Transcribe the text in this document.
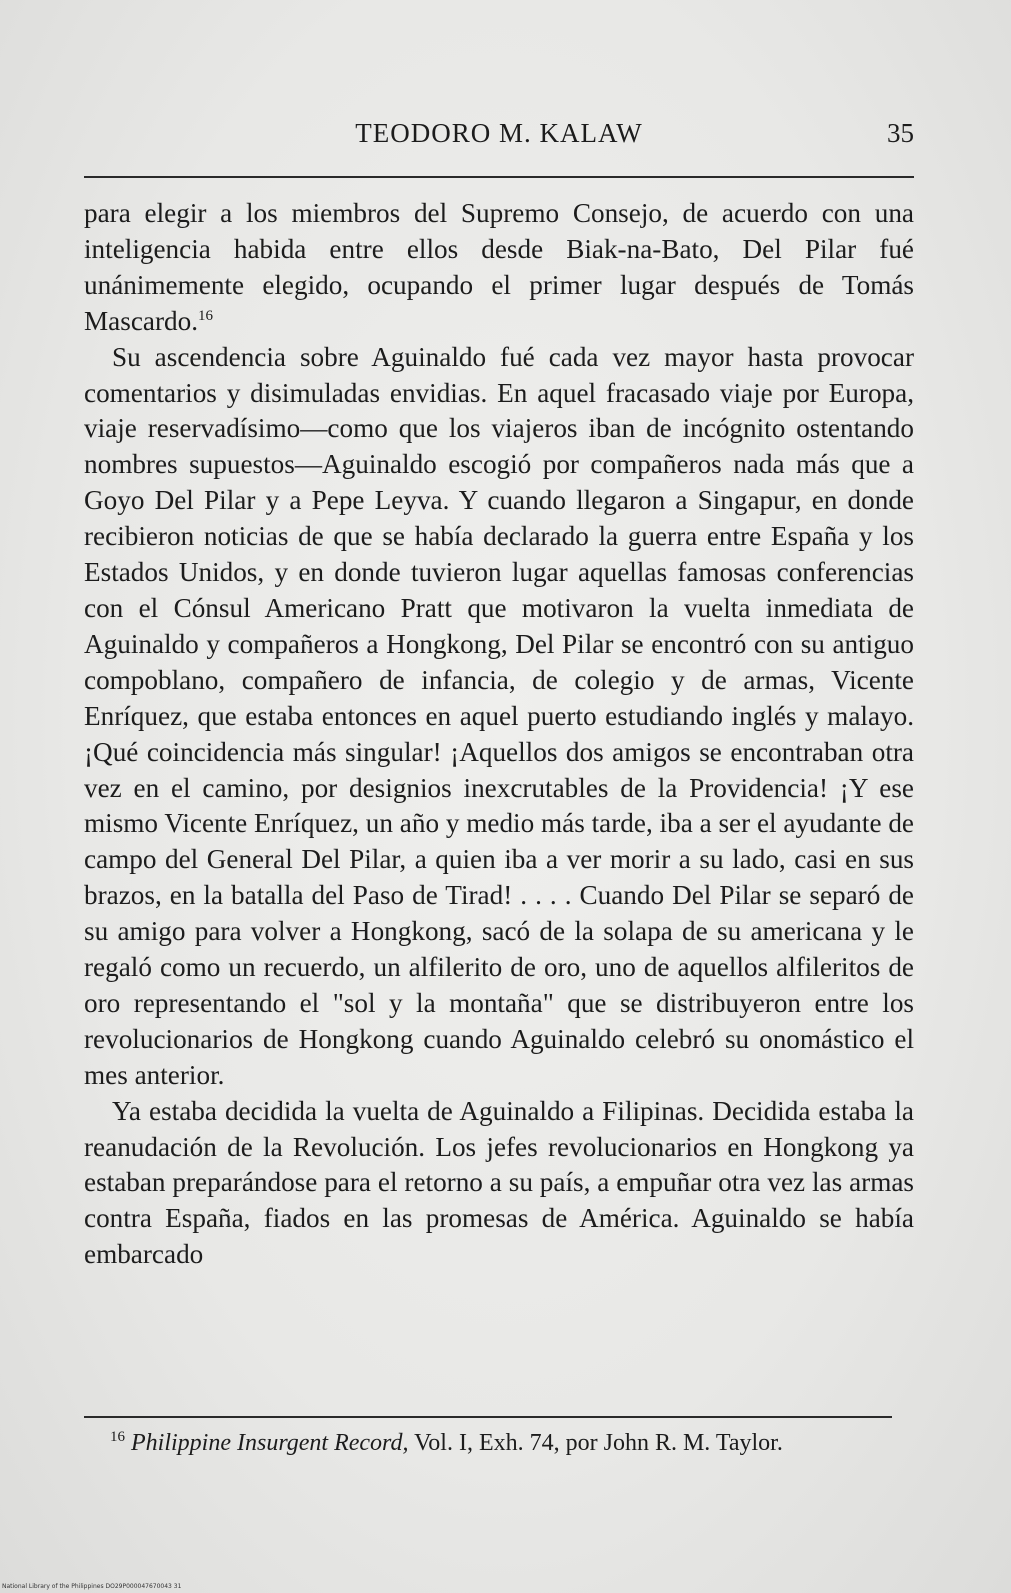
TEODORO M. KALAW	35

para elegir a los miembros del Supremo Consejo, de acuerdo con una inteligencia habida entre ellos desde Biak-na-Bato, Del Pilar fué unánimemente elegido, ocupando el primer lugar después de Tomás Mascardo.$^{16}$

Su ascendencia sobre Aguinaldo fué cada vez mayor hasta provocar comentarios y disimuladas envidias. En aquel fracasado viaje por Europa, viaje reservadísimo—como que los viajeros iban de incógnito ostentando nombres supuestos—Aguinaldo escogió por compañeros nada más que a Goyo Del Pilar y a Pepe Leyva. Y cuando llegaron a Singapur, en donde recibieron noticias de que se había declarado la guerra entre España y los Estados Unidos, y en donde tuvieron lugar aquellas famosas conferencias con el Cónsul Americano Pratt que motivaron la vuelta inmediata de Aguinaldo y compañeros a Hongkong, Del Pilar se encontró con su antiguo compoblano, compañero de infancia, de colegio y de armas, Vicente Enríquez, que estaba entonces en aquel puerto estudiando inglés y malayo. ¡Qué coincidencia más singular! ¡Aquellos dos amigos se encontraban otra vez en el camino, por designios inexcrutables de la Providencia! ¡Y ese mismo Vicente Enríquez, un año y medio más tarde, iba a ser el ayudante de campo del General Del Pilar, a quien iba a ver morir a su lado, casi en sus brazos, en la batalla del Paso de Tirad! . . . . Cuando Del Pilar se separó de su amigo para volver a Hongkong, sacó de la solapa de su americana y le regaló como un recuerdo, un alfilerito de oro, uno de aquellos alfileritos de oro representando el "sol y la montaña" que se distribuyeron entre los revolucionarios de Hongkong cuando Aguinaldo celebró su onomástico el mes anterior.

Ya estaba decidida la vuelta de Aguinaldo a Filipinas. Decidida estaba la reanudación de la Revolución. Los jefes revolucionarios en Hongkong ya estaban preparándose para el retorno a su país, a empuñar otra vez las armas contra España, fiados en las promesas de América. Aguinaldo se había embarcado

$^{16}$ Philippine Insurgent Record, Vol. I, Exh. 74, por John R. M. Taylor.
National Library of the Philippines DO29P000047670043 31
